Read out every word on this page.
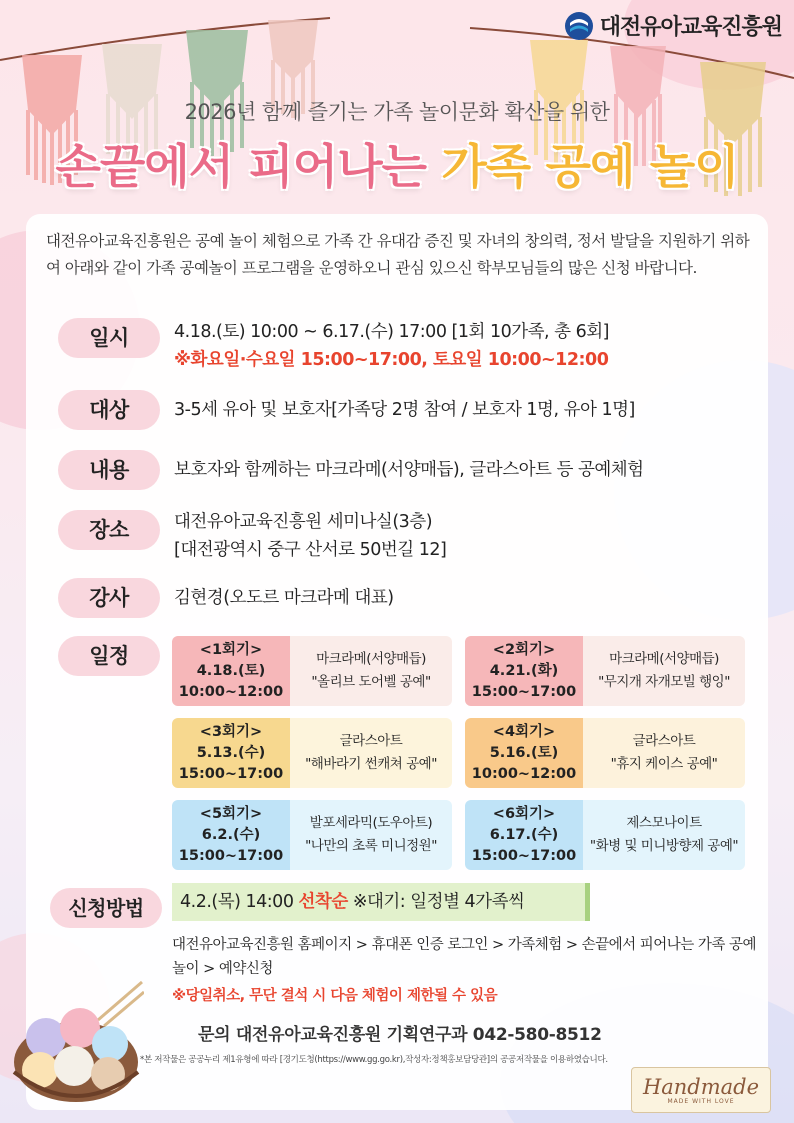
대전유아교육진흥원
2026년 함께 즐기는 가족 놀이문화 확산을 위한
손끝에서 피어나는 가족 공예 놀이
대전유아교육진흥원은 공예 놀이 체험으로 가족 간 유대감 증진 및 자녀의 창의력, 정서 발달을 지원하기 위하여 아래와 같이 가족 공예놀이 프로그램을 운영하오니 관심 있으신 학부모님들의 많은 신청 바랍니다.
일시	4.18.(토) 10:00 ~ 6.17.(수) 17:00 [1회 10가족, 총 6회]
※화요일·수요일 15:00~17:00, 토요일 10:00~12:00
대상	3-5세 유아 및 보호자[가족당 2명 참여 / 보호자 1명, 유아 1명]
내용	보호자와 함께하는 마크라메(서양매듭), 글라스아트 등 공예체험
장소	대전유아교육진흥원 세미나실(3층)
[대전광역시 중구 산서로 50번길 12]
강사	김현경(오도르 마크라메 대표)
일정	<1회기>
4.18.(토)
10:00~12:00
마크라메(서양매듭)
"올리브 도어벨 공예"
<2회기>
4.21.(화)
15:00~17:00
마크라메(서양매듭)
"무지개 자개모빌 행잉"
<3회기>
5.13.(수)
15:00~17:00
글라스아트
"해바라기 썬캐쳐 공예"
<4회기>
5.16.(토)
10:00~12:00
글라스아트
"휴지 케이스 공예"
<5회기>
6.2.(수)
15:00~17:00
발포세라믹(도우아트)
"나만의 초록 미니정원"
<6회기>
6.17.(수)
15:00~17:00
제스모나이트
"화병 및 미니방향제 공예"
신청방법	4.2.(목) 14:00 선착순 ※대기: 일정별 4가족씩
대전유아교육진흥원 홈페이지 > 휴대폰 인증 로그인 > 가족체험 > 손끝에서 피어나는 가족 공예 놀이 > 예약신청
※당일취소, 무단 결석 시 다음 체험이 제한될 수 있음
문의 대전유아교육진흥원 기획연구과 042-580-8512
*본 저작물은 공공누리 제1유형에 따라 [경기도청(https://www.gg.go.kr),작성자:정책홍보담당관]의 공공저작물을 이용하였습니다.
Handmade
MADE WITH LOVE
